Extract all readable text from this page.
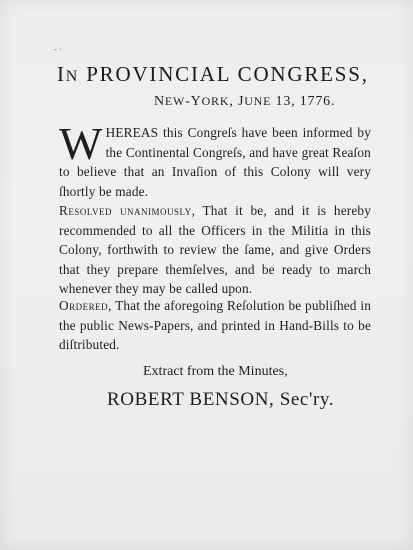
- ·
IN PROVINCIAL CONGRESS,
NEW-YORK, JUNE 13, 1776.
WHEREAS this Congreſs have been informed by the Continental Congreſs, and have great Reaſon to believe that an Invaſion of this Colony will very ſhortly be made.
Resolved unanimously, That it be, and it is hereby recommended to all the Officers in the Militia in this Colony, forthwith to review the ſame, and give Orders that they prepare themſelves, and be ready to march whenever they may be called upon.
Ordered, That the aforegoing Reſolution be publiſhed in the public News-Papers, and printed in Hand-Bills to be diſtributed.
Extract from the Minutes,
ROBERT BENSON, Sec'ry.
